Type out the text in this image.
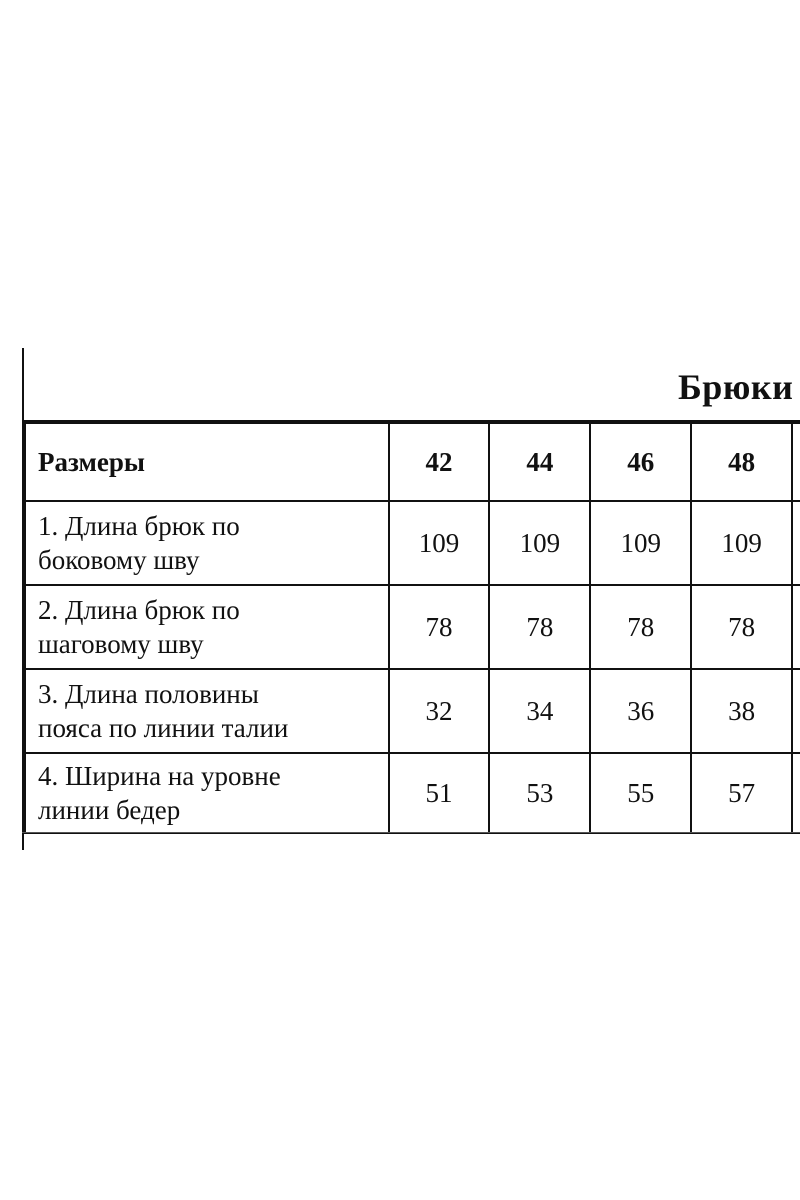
Брюки
Размеры	42	44	46	48	

1. Длина брюк по
боковому шву	109	109	109	109	

2. Длина брюк по
шаговому шву	78	78	78	78	

3. Длина половины
пояса по линии талии	32	34	36	38	

4. Ширина на уровне
линии бедер	51	53	55	57	
